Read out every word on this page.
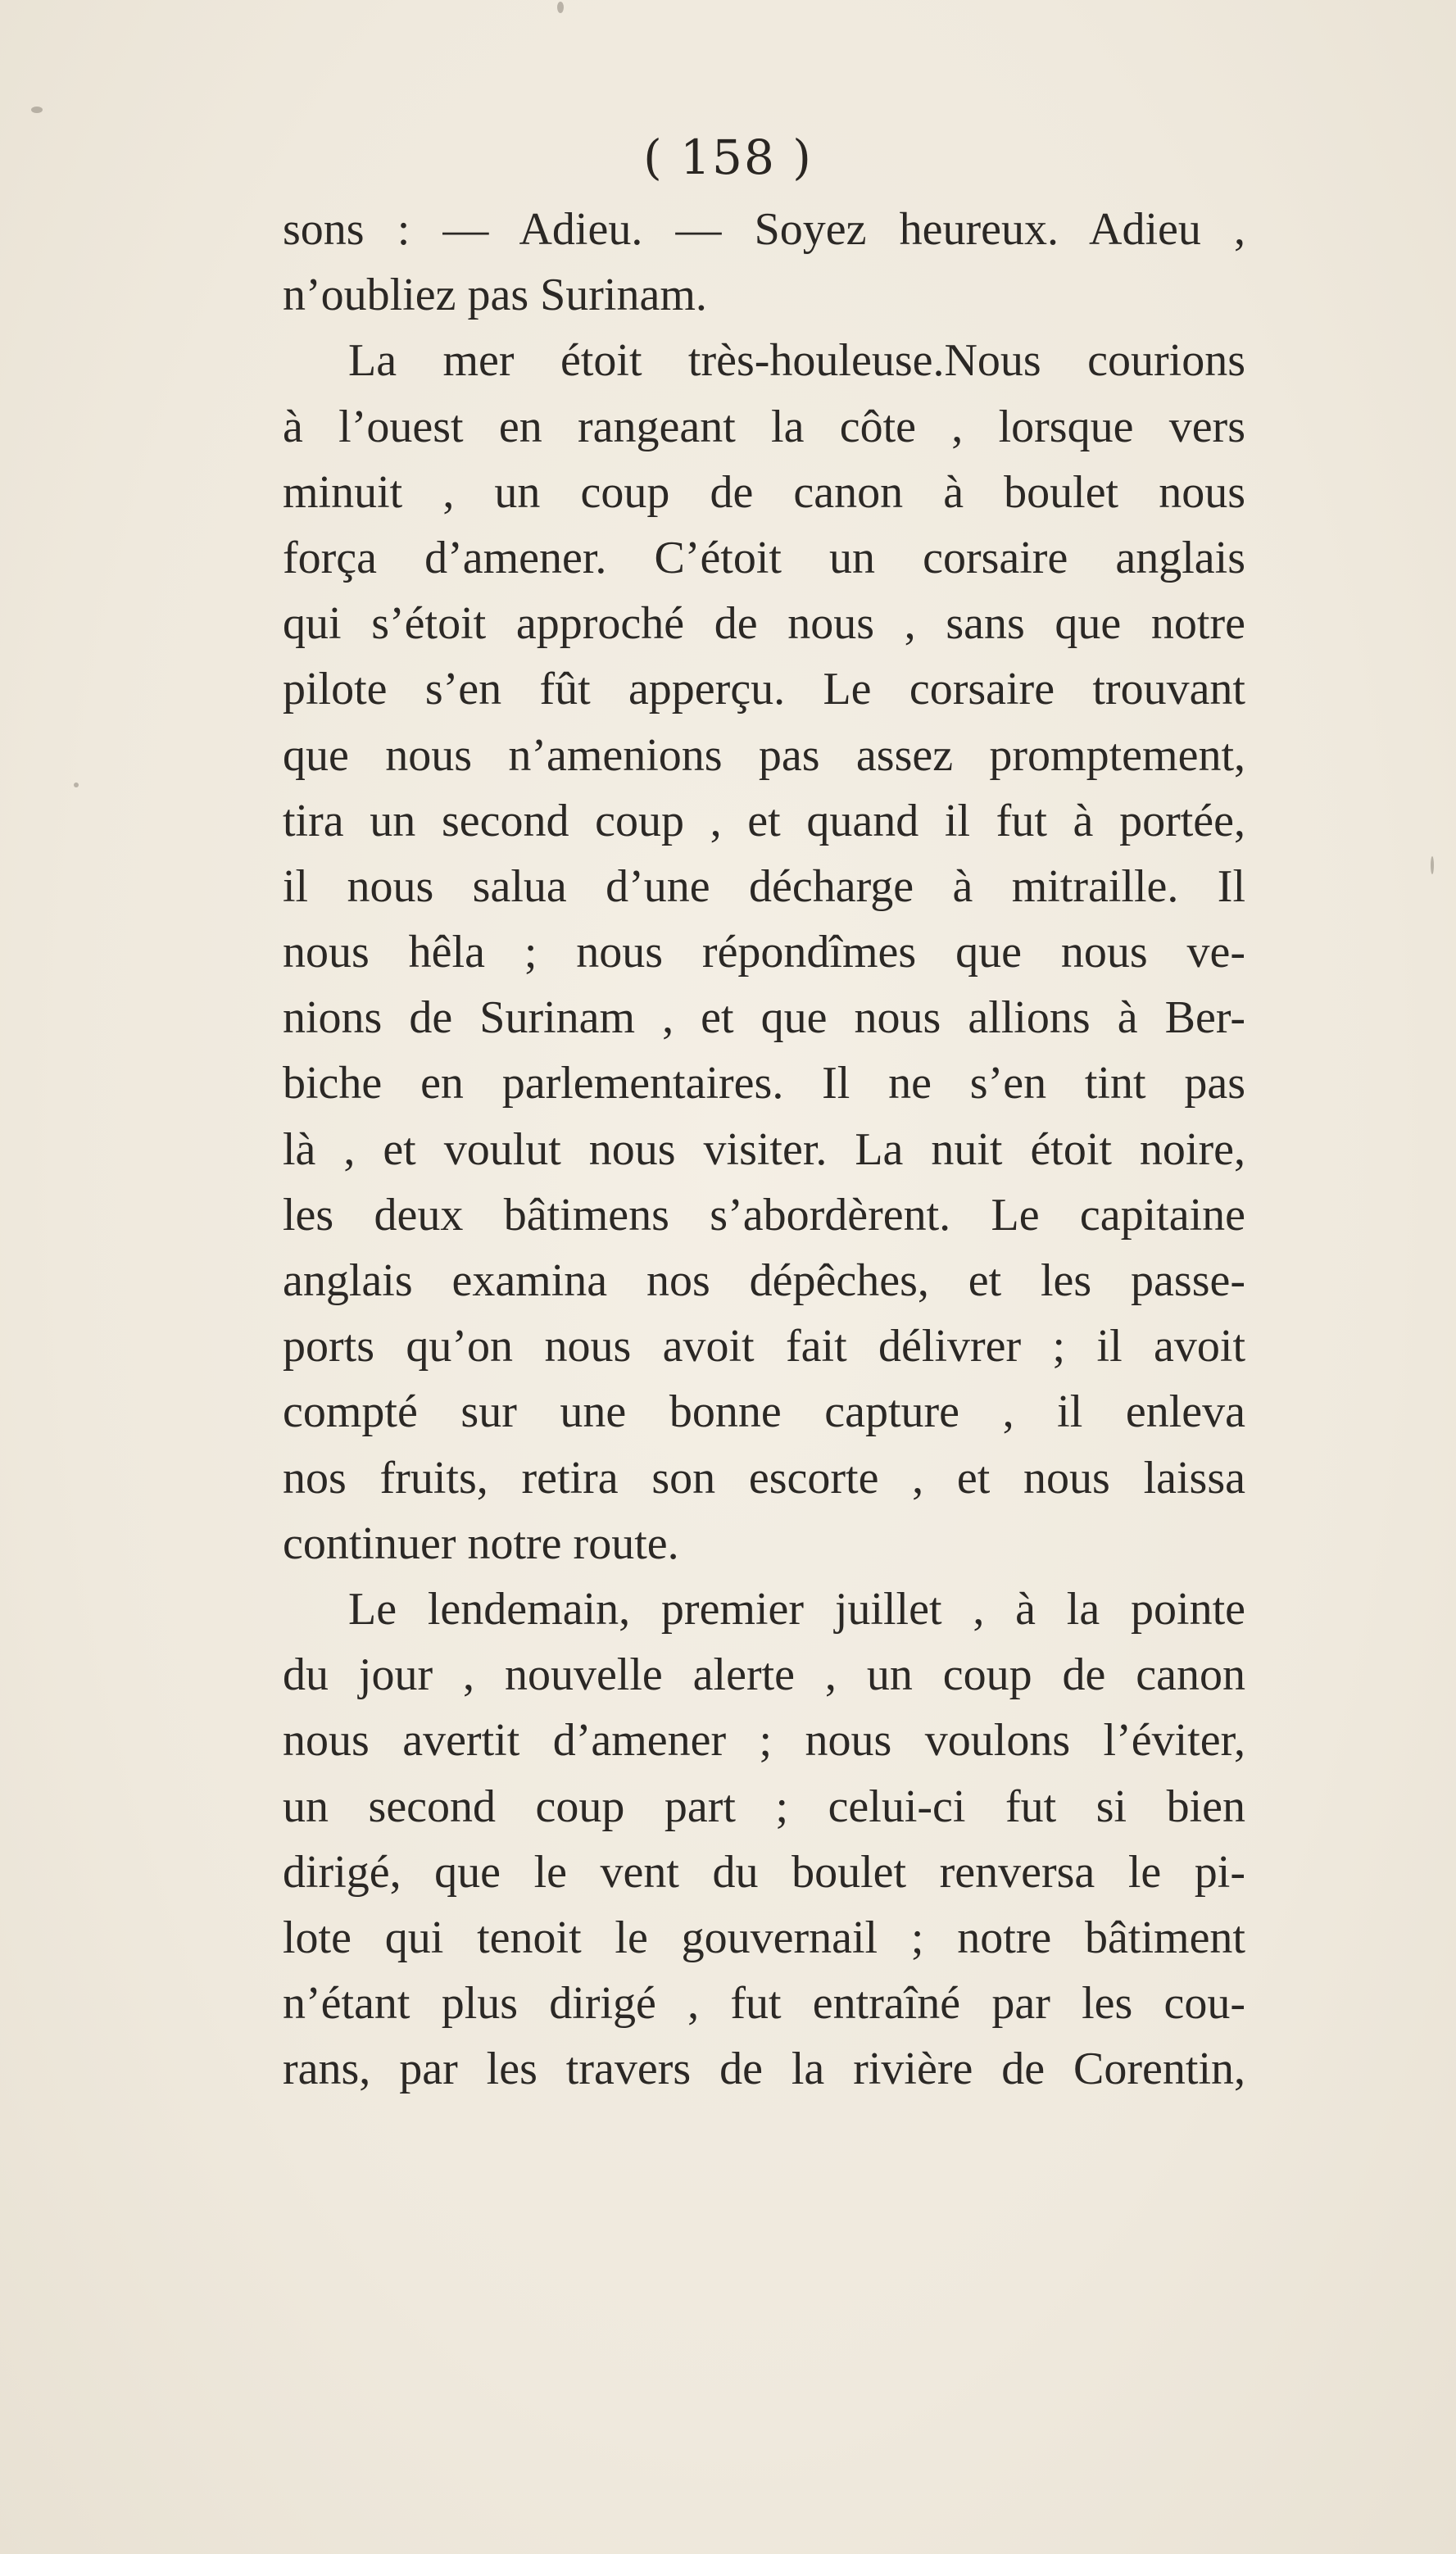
( 158 )
sons : — Adieu. — Soyez heureux. Adieu ,
n’oubliez pas Surinam.
La mer étoit très-houleuse.Nous courions
à l’ouest en rangeant la côte , lorsque vers
minuit , un coup de canon à boulet nous
força d’amener. C’étoit un corsaire anglais
qui s’étoit approché de nous , sans que notre
pilote s’en fût apperçu. Le corsaire trouvant
que nous n’amenions pas assez promptement,
tira un second coup , et quand il fut à portée,
il nous salua d’une décharge à mitraille. Il
nous hêla ; nous répondîmes que nous ve-
nions de Surinam , et que nous allions à Ber-
biche en parlementaires. Il ne s’en tint pas
là , et voulut nous visiter. La nuit étoit noire,
les deux bâtimens s’abordèrent. Le capitaine
anglais examina nos dépêches, et les passe-
ports qu’on nous avoit fait délivrer ; il avoit
compté sur une bonne capture , il enleva
nos fruits, retira son escorte , et nous laissa
continuer notre route.
Le lendemain, premier juillet , à la pointe
du jour , nouvelle alerte , un coup de canon
nous avertit d’amener ; nous voulons l’éviter,
un second coup part ; celui-ci fut si bien
dirigé, que le vent du boulet renversa le pi-
lote qui tenoit le gouvernail ; notre bâtiment
n’étant plus dirigé , fut entraîné par les cou-
rans, par les travers de la rivière de Corentin,
